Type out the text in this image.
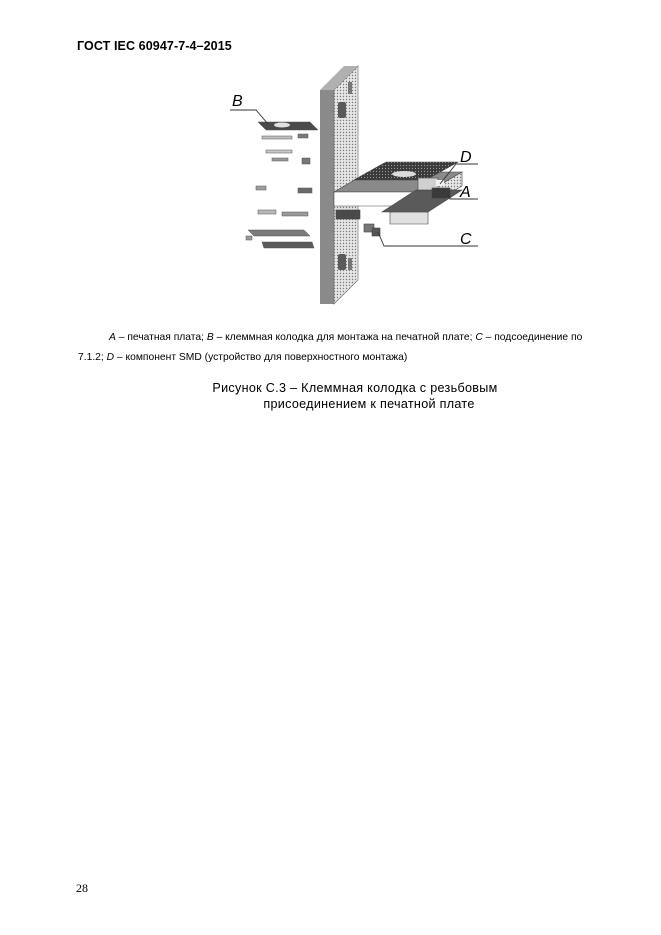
ГОСТ IEC 60947-7-4–2015
B
D
A
C
A – печатная плата; B – клеммная колодка для монтажа на печатной плате; C – подсоединение по
7.1.2; D – компонент SMD (устройство для поверхностного монтажа)
Рисунок С.3 – Клеммная колодка с резьбовым
присоединением к печатной плате
28
